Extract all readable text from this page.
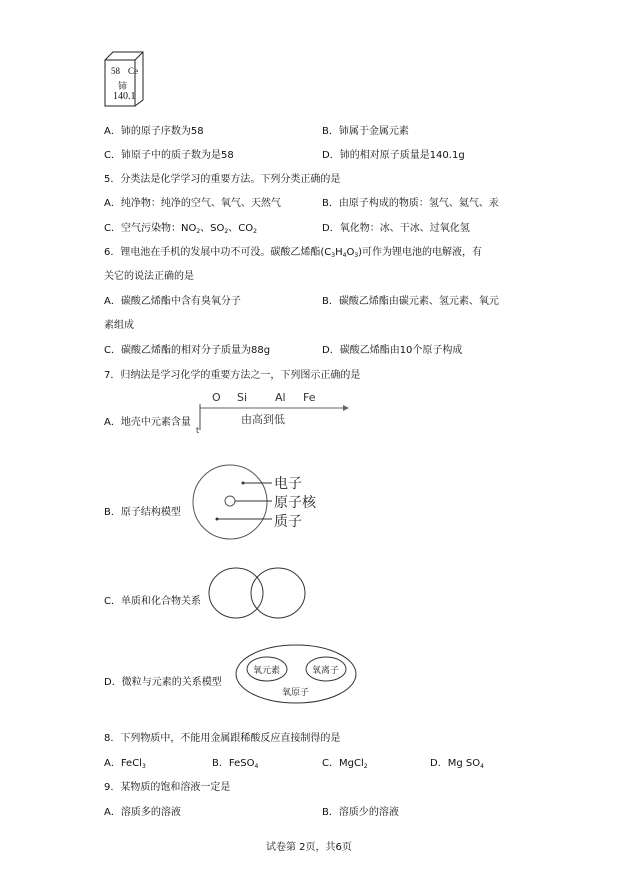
58 Ce
铈
140.1
A．铈的原子序数为58	B．铈属于金属元素
C．铈原子中的质子数为是58	D．铈的相对原子质量是140.1g
5．分类法是化学学习的重要方法。下列分类正确的是
A．纯净物：纯净的空气、氧气、天然气	B．由原子构成的物质：氢气、氦气、汞
C．空气污染物：$NO_2$、$SO_2$、$CO_2$	D．氧化物：冰、干冰、过氧化氢
6．锂电池在手机的发展中功不可没。碳酸乙烯酯$(C_3H_4O_3)$可作为锂电池的电解液，有
关它的说法正确的是
A．碳酸乙烯酯中含有臭氧分子	B．碳酸乙烯酯由碳元素、氢元素、氧元
素组成
C．碳酸乙烯酯的相对分子质量为88g	D．碳酸乙烯酯由10个原子构成
7．归纳法是学习化学的重要方法之一，下列图示正确的是
A．地壳中元素含量
O Si	Al Fe
由高到低
t
B．原子结构模型
电子
原子核
质子
C．单质和化合物关系
D．微粒与元素的关系模型
氧元素	氧离子
氧原子
8．下列物质中，不能用金属跟稀酸反应直接制得的是
A．FeCl$_3$	B．FeSO$_4$	C．MgCl$_2$	D．Mg $SO_4$
9．某物质的饱和溶液一定是
A．溶质多的溶液	B．溶质少的溶液
试卷第 2页，共6页
